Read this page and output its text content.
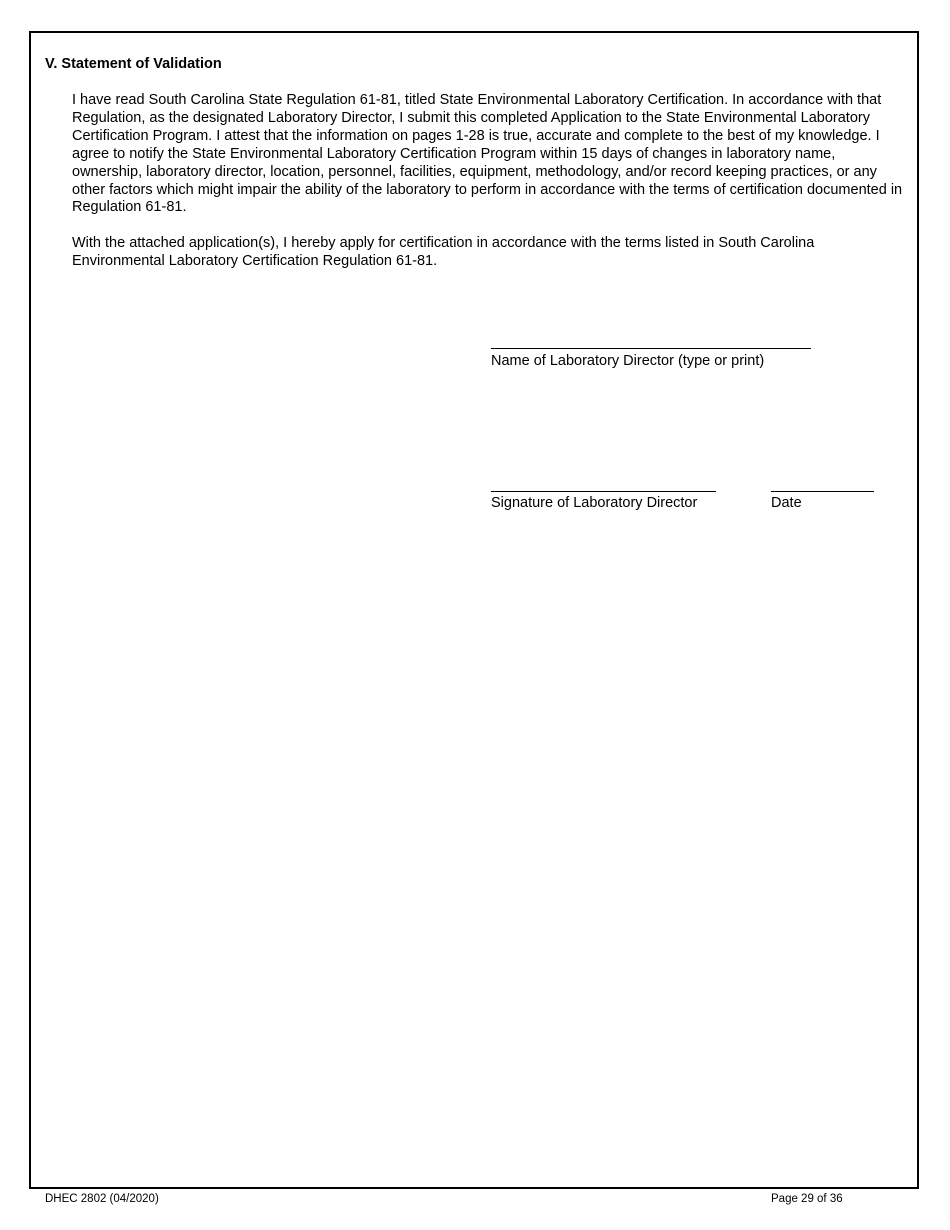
V. Statement of Validation

I have read South Carolina State Regulation 61-81, titled State Environmental Laboratory Certification. In accordance with that Regulation, as the designated Laboratory Director, I submit this completed Application to the State Environmental Laboratory Certification Program. I attest that the information on pages 1-28 is true, accurate and complete to the best of my knowledge. I agree to notify the State Environmental Laboratory Certification Program within 15 days of changes in laboratory name, ownership, laboratory director, location, personnel, facilities, equipment, methodology, and/or record keeping practices, or any other factors which might impair the ability of the laboratory to perform in accordance with the terms of certification documented in Regulation 61-81.

With the attached application(s), I hereby apply for certification in accordance with the terms listed in South Carolina Environmental Laboratory Certification Regulation 61-81.

Name of Laboratory Director (type or print)

Signature of Laboratory Director	Date

DHEC 2802 (04/2020)	Page 29 of 36
